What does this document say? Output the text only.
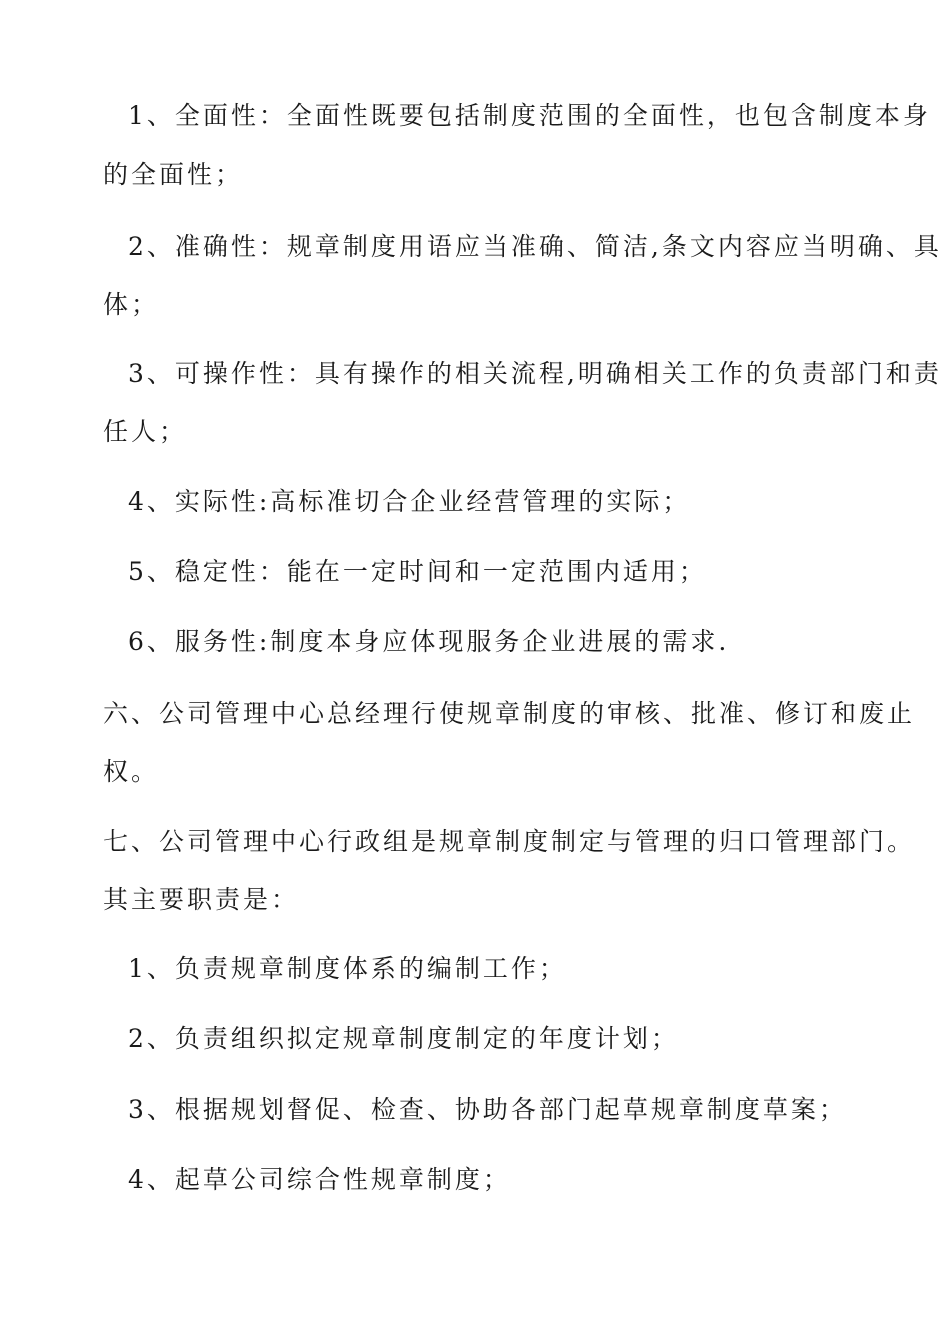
1、全面性：全面性既要包括制度范围的全面性，也包含制度本身
的全面性；
2、准确性：规章制度用语应当准确、简洁,条文内容应当明确、具
体；
3、可操作性：具有操作的相关流程,明确相关工作的负责部门和责
任人；
4、实际性:高标准切合企业经营管理的实际；
5、稳定性：能在一定时间和一定范围内适用；
6、服务性:制度本身应体现服务企业进展的需求.
六、公司管理中心总经理行使规章制度的审核、批准、修订和废止
权。
七、公司管理中心行政组是规章制度制定与管理的归口管理部门。
其主要职责是：
1、负责规章制度体系的编制工作；
2、负责组织拟定规章制度制定的年度计划；
3、根据规划督促、检查、协助各部门起草规章制度草案；
4、起草公司综合性规章制度；
